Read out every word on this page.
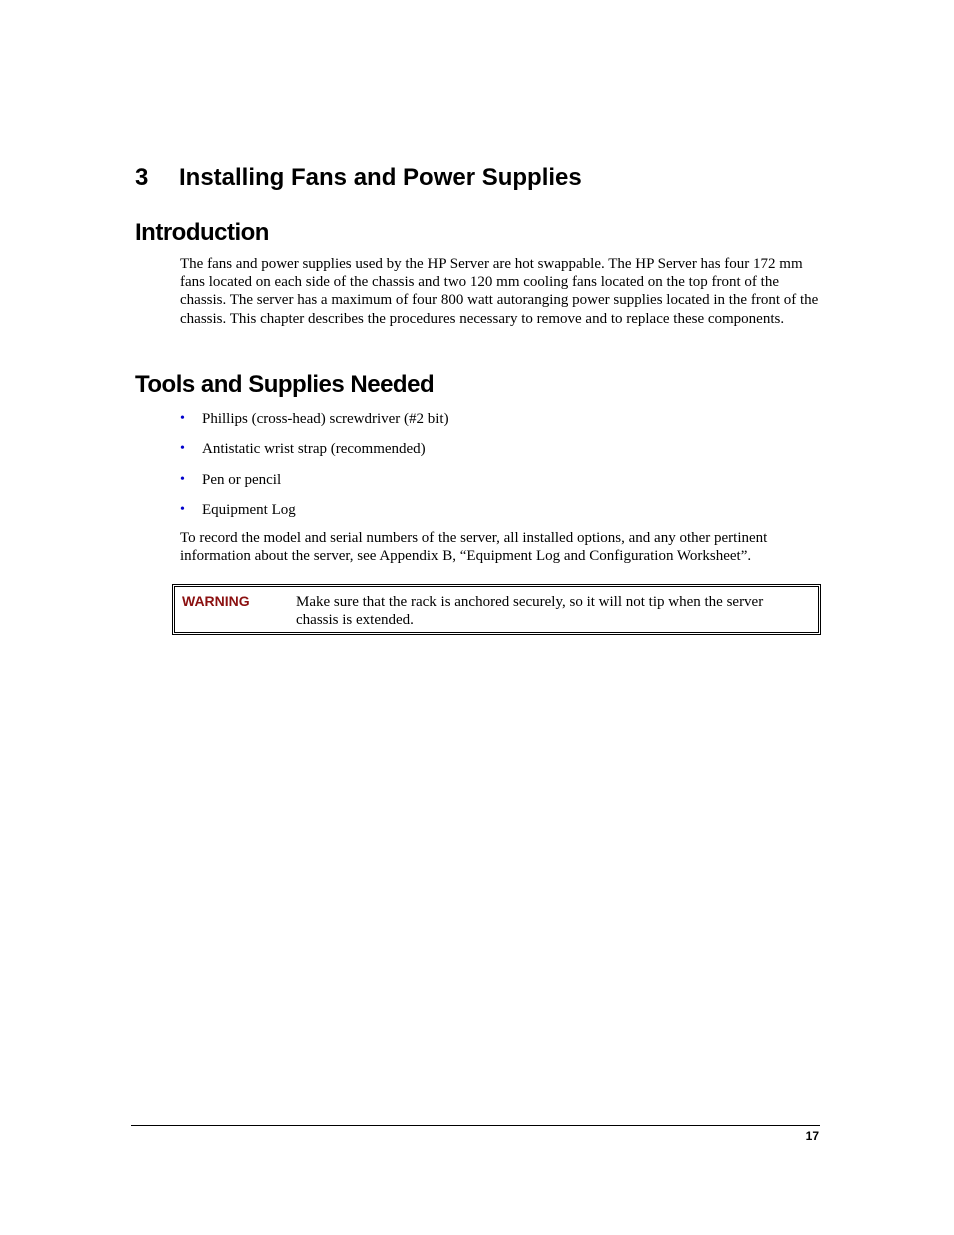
3 Installing Fans and Power Supplies
Introduction

The fans and power supplies used by the HP Server are hot swappable. The HP Server has four 172 mm fans located on each side of the chassis and two 120 mm cooling fans located on the top front of the chassis. The server has a maximum of four 800 watt autoranging power supplies located in the front of the chassis. This chapter describes the procedures necessary to remove and to replace these components.

Tools and Supplies Needed
•	Phillips (cross-head) screwdriver (#2 bit)
•	Antistatic wrist strap (recommended)
•	Pen or pencil
•	Equipment Log

To record the model and serial numbers of the server, all installed options, and any other pertinent information about the server, see Appendix B, “Equipment Log and Configuration Worksheet”.

WARNING	Make sure that the rack is anchored securely, so it will not tip when the server chassis is extended.
17
